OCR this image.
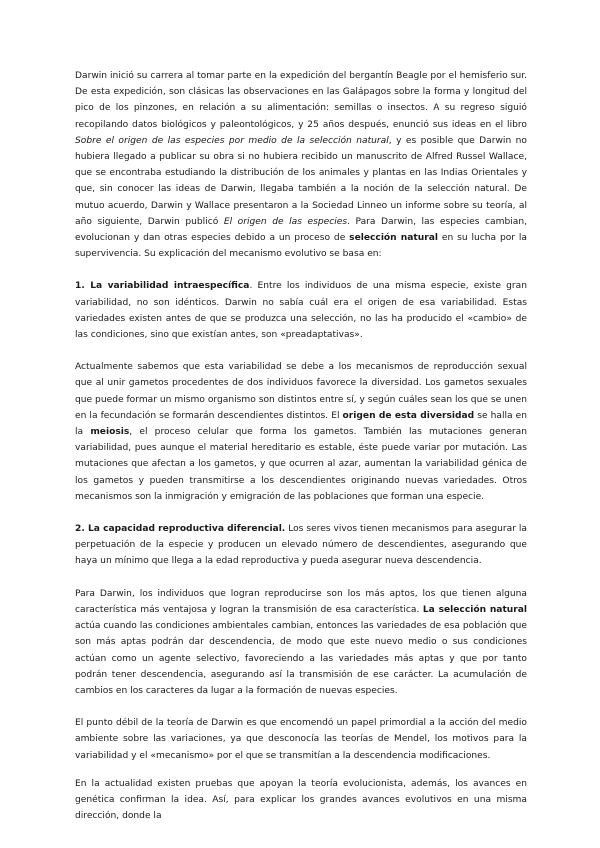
Darwin inició su carrera al tomar parte en la expedición del bergantín Beagle por el hemisferio sur. De esta expedición, son clásicas las observaciones en las Galápagos sobre la forma y longitud del pico de los pinzones, en relación a su alimentación: semillas o insectos. A su regreso siguió recopilando datos biológicos y paleontológicos, y 25 años después, enunció sus ideas en el libro Sobre el origen de las especies por medio de la selección natural, y es posible que Darwin no hubiera llegado a publicar su obra si no hubiera recibido un manuscrito de Alfred Russel Wallace, que se encontraba estudiando la distribución de los animales y plantas en las Indias Orientales y que, sin conocer las ideas de Darwin, llegaba también a la noción de la selección natural. De mutuo acuerdo, Darwin y Wallace presentaron a la Sociedad Linneo un informe sobre su teoría, al año siguiente, Darwin publicó El origen de las especies. Para Darwin, las especies cambian, evolucionan y dan otras especies debido a un proceso de selección natural en su lucha por la supervivencia. Su explicación del mecanismo evolutivo se basa en:

1. La variabilidad intraespecífica. Entre los individuos de una misma especie, existe gran variabilidad, no son idénticos. Darwin no sabía cuál era el origen de esa variabilidad. Estas variedades existen antes de que se produzca una selección, no las ha producido el «cambio» de las condiciones, sino que existían antes, son «preadaptativas».

Actualmente sabemos que esta variabilidad se debe a los mecanismos de reproducción sexual que al unir gametos procedentes de dos individuos favorece la diversidad. Los gametos sexuales que puede formar un mismo organismo son distintos entre sí, y según cuáles sean los que se unen en la fecundación se formarán descendientes distintos. El origen de esta diversidad se halla en la meiosis, el proceso celular que forma los gametos. También las mutaciones generan variabilidad, pues aunque el material hereditario es estable, éste puede variar por mutación. Las mutaciones que afectan a los gametos, y que ocurren al azar, aumentan la variabilidad génica de los gametos y pueden transmitirse a los descendientes originando nuevas variedades. Otros mecanismos son la inmigración y emigración de las poblaciones que forman una especie.

2. La capacidad reproductiva diferencial. Los seres vivos tienen mecanismos para asegurar la perpetuación de la especie y producen un elevado número de descendientes, asegurando que haya un mínimo que llega a la edad reproductiva y pueda asegurar nueva descendencia.

Para Darwin, los individuos que logran reproducirse son los más aptos, los que tienen alguna característica más ventajosa y logran la transmisión de esa característica. La selección natural actúa cuando las condiciones ambientales cambian, entonces las variedades de esa población que son más aptas podrán dar descendencia, de modo que este nuevo medio o sus condiciones actúan como un agente selectivo, favoreciendo a las variedades más aptas y que por tanto podrán tener descendencia, asegurando así la transmisión de ese carácter. La acumulación de cambios en los caracteres da lugar a la formación de nuevas especies.

El punto débil de la teoría de Darwin es que encomendó un papel primordial a la acción del medio ambiente sobre las variaciones, ya que desconocía las teorías de Mendel, los motivos para la variabilidad y el «mecanismo» por el que se transmitían a la descendencia modificaciones.

En la actualidad existen pruebas que apoyan la teoría evolucionista, además, los avances en genética confirman la idea. Así, para explicar los grandes avances evolutivos en una misma dirección, donde la
